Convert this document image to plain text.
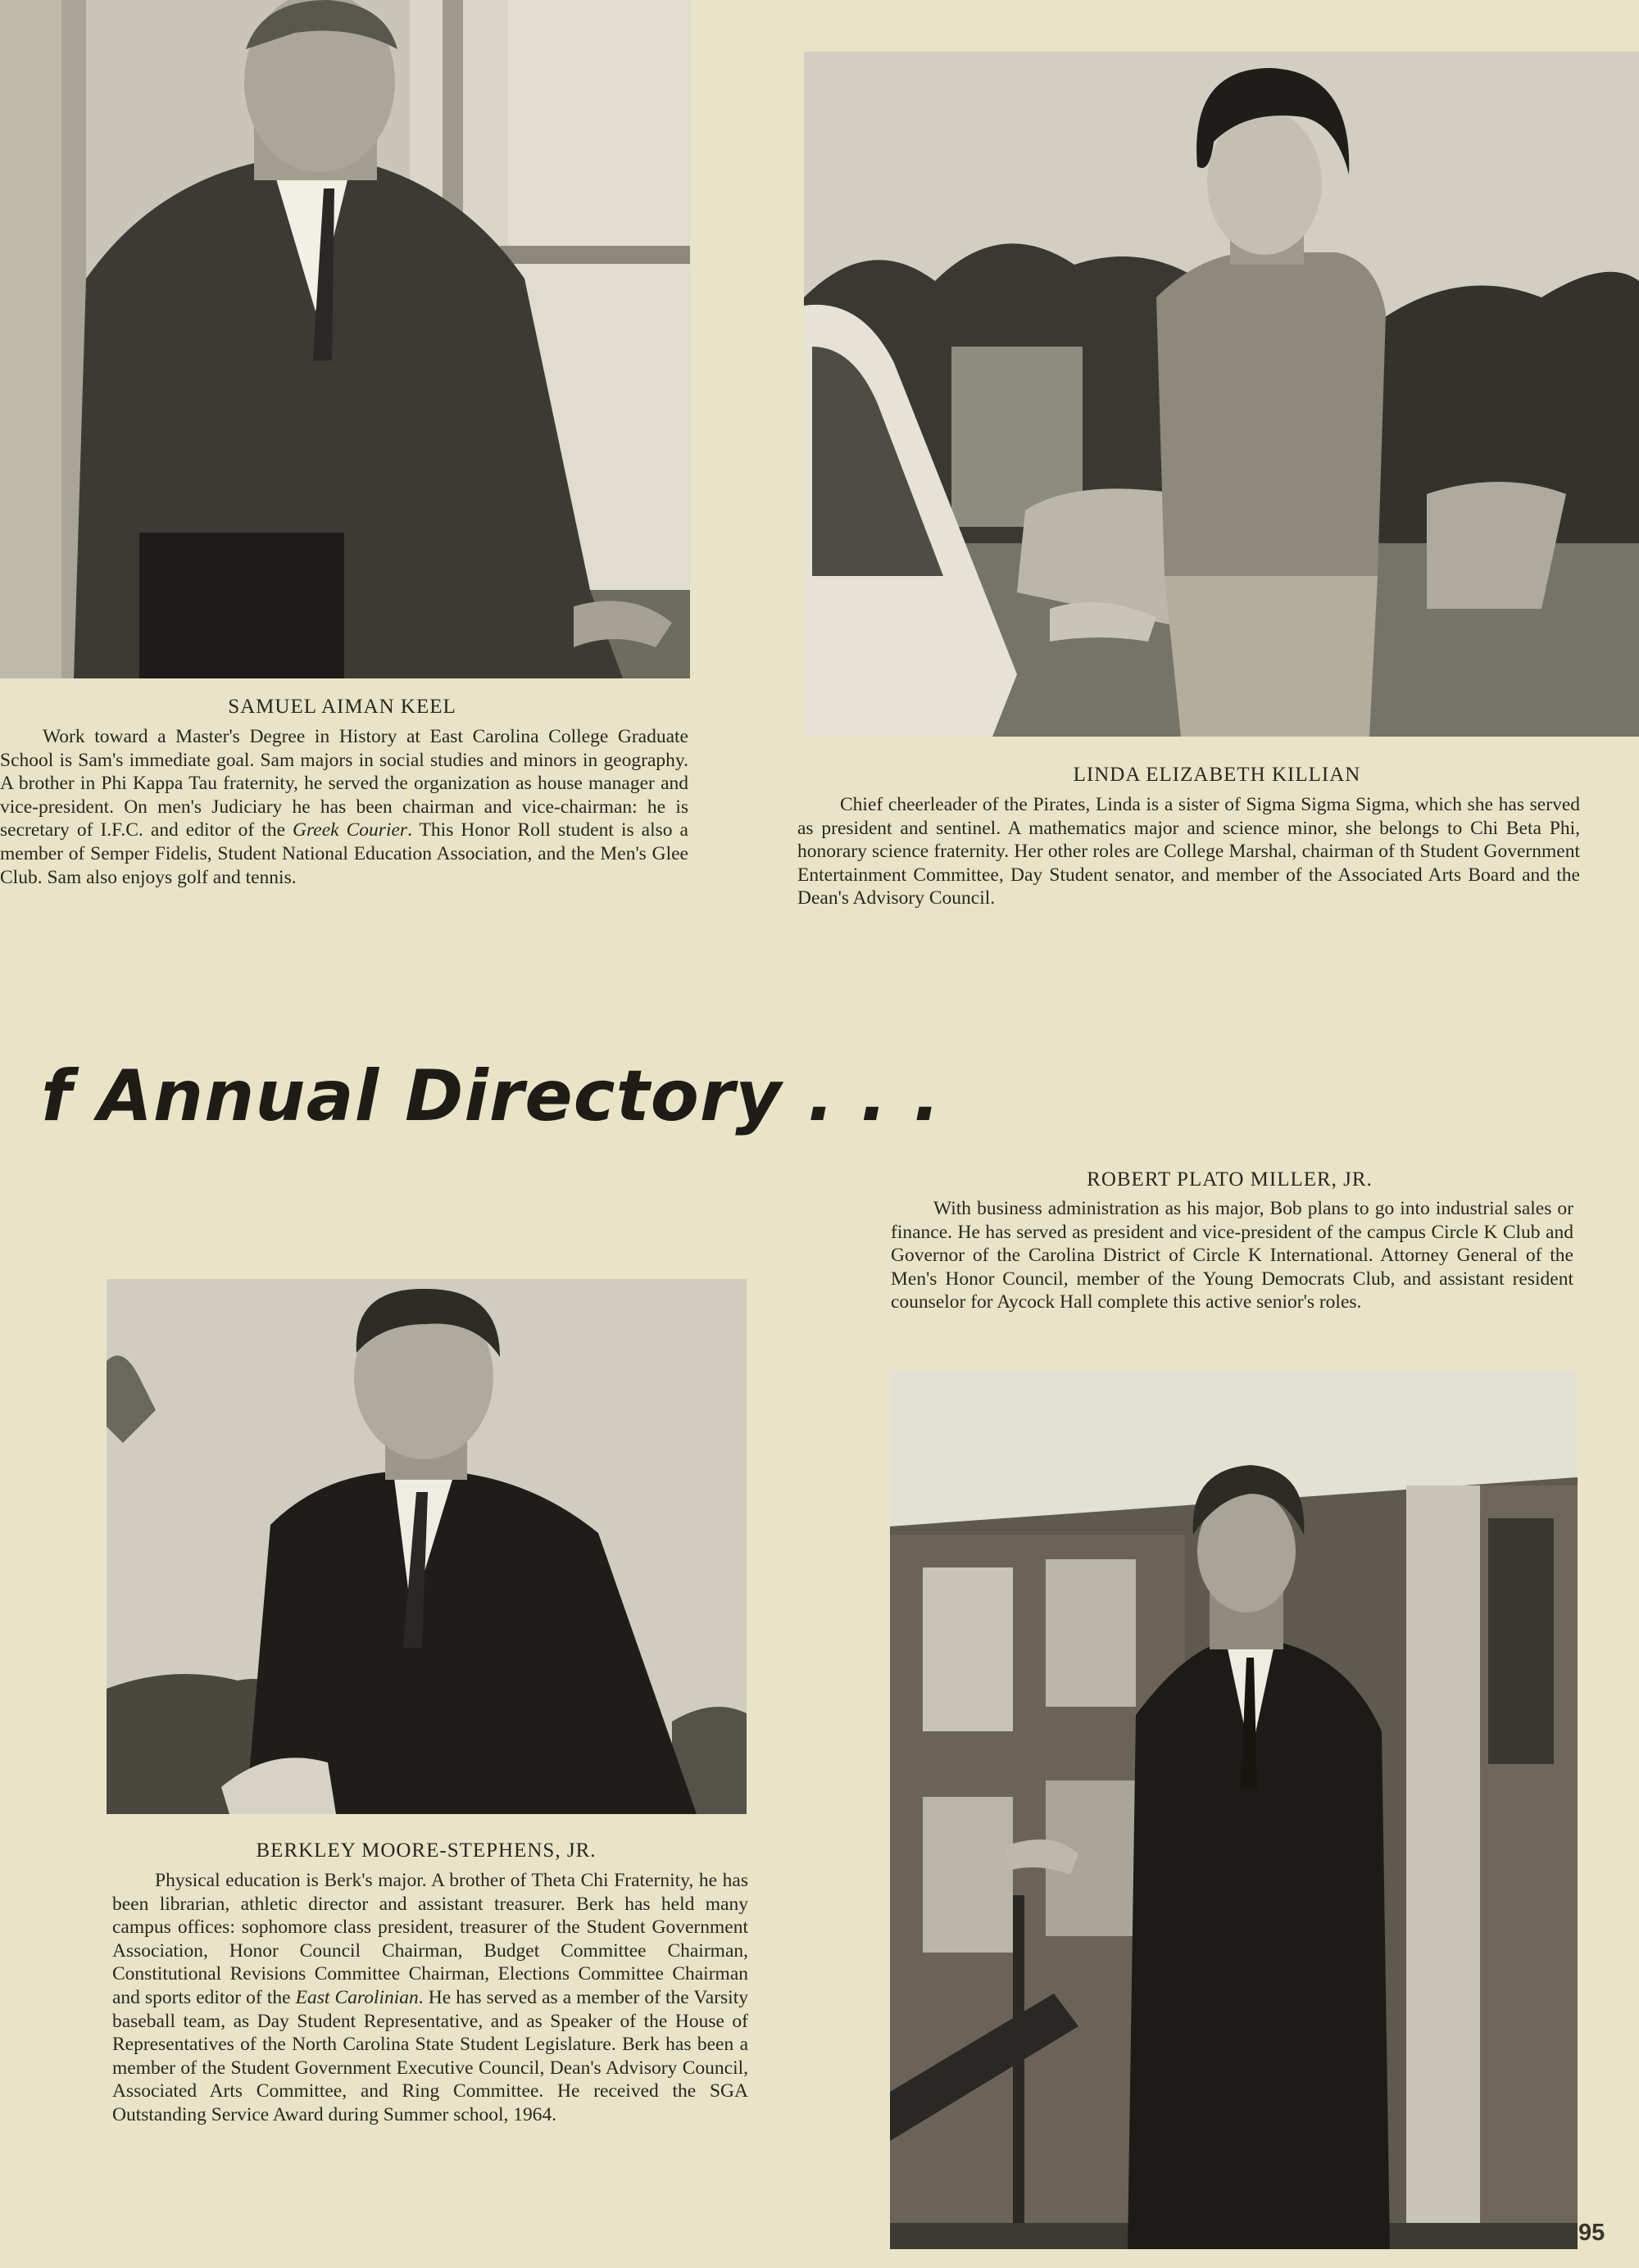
SAMUEL AIMAN KEEL

Work toward a Master's Degree in History at East Carolina College Graduate School is Sam's immediate goal. Sam majors in social studies and minors in geography. A brother in Phi Kappa Tau fraternity, he served the organization as house manager and vice-president. On men's Judiciary he has been chairman and vice-chairman: he is secretary of I.F.C. and editor of the Greek Courier. This Honor Roll student is also a member of Semper Fidelis, Student National Education Association, and the Men's Glee Club. Sam also enjoys golf and tennis.

LINDA ELIZABETH KILLIAN

Chief cheerleader of the Pirates, Linda is a sister of Sigma Sigma Sigma, which she has served as president and sentinel. A mathematics major and science minor, she belongs to Chi Beta Phi, honorary science fraternity. Her other roles are College Marshal, chairman of th Student Government Entertainment Committee, Day Student senator, and member of the Associated Arts Board and the Dean's Advisory Council.

f Annual Directory . . .
ROBERT PLATO MILLER, JR.

With business administration as his major, Bob plans to go into industrial sales or finance. He has served as president and vice-president of the campus Circle K Club and Governor of the Carolina District of Circle K International. Attorney General of the Men's Honor Council, member of the Young Democrats Club, and assistant resident counselor for Aycock Hall complete this active senior's roles.

95
BERKLEY MOORE-STEPHENS, JR.

Physical education is Berk's major. A brother of Theta Chi Fraternity, he has been librarian, athletic director and assistant treasurer. Berk has held many campus offices: sophomore class president, treasurer of the Student Government Association, Honor Council Chairman, Budget Committee Chairman, Constitutional Revisions Committee Chairman, Elections Committee Chairman and sports editor of the East Carolinian. He has served as a member of the Varsity baseball team, as Day Student Representative, and as Speaker of the House of Representatives of the North Carolina State Student Legislature. Berk has been a member of the Student Government Executive Council, Dean's Advisory Council, Associated Arts Committee, and Ring Committee. He received the SGA Outstanding Service Award during Summer school, 1964.
